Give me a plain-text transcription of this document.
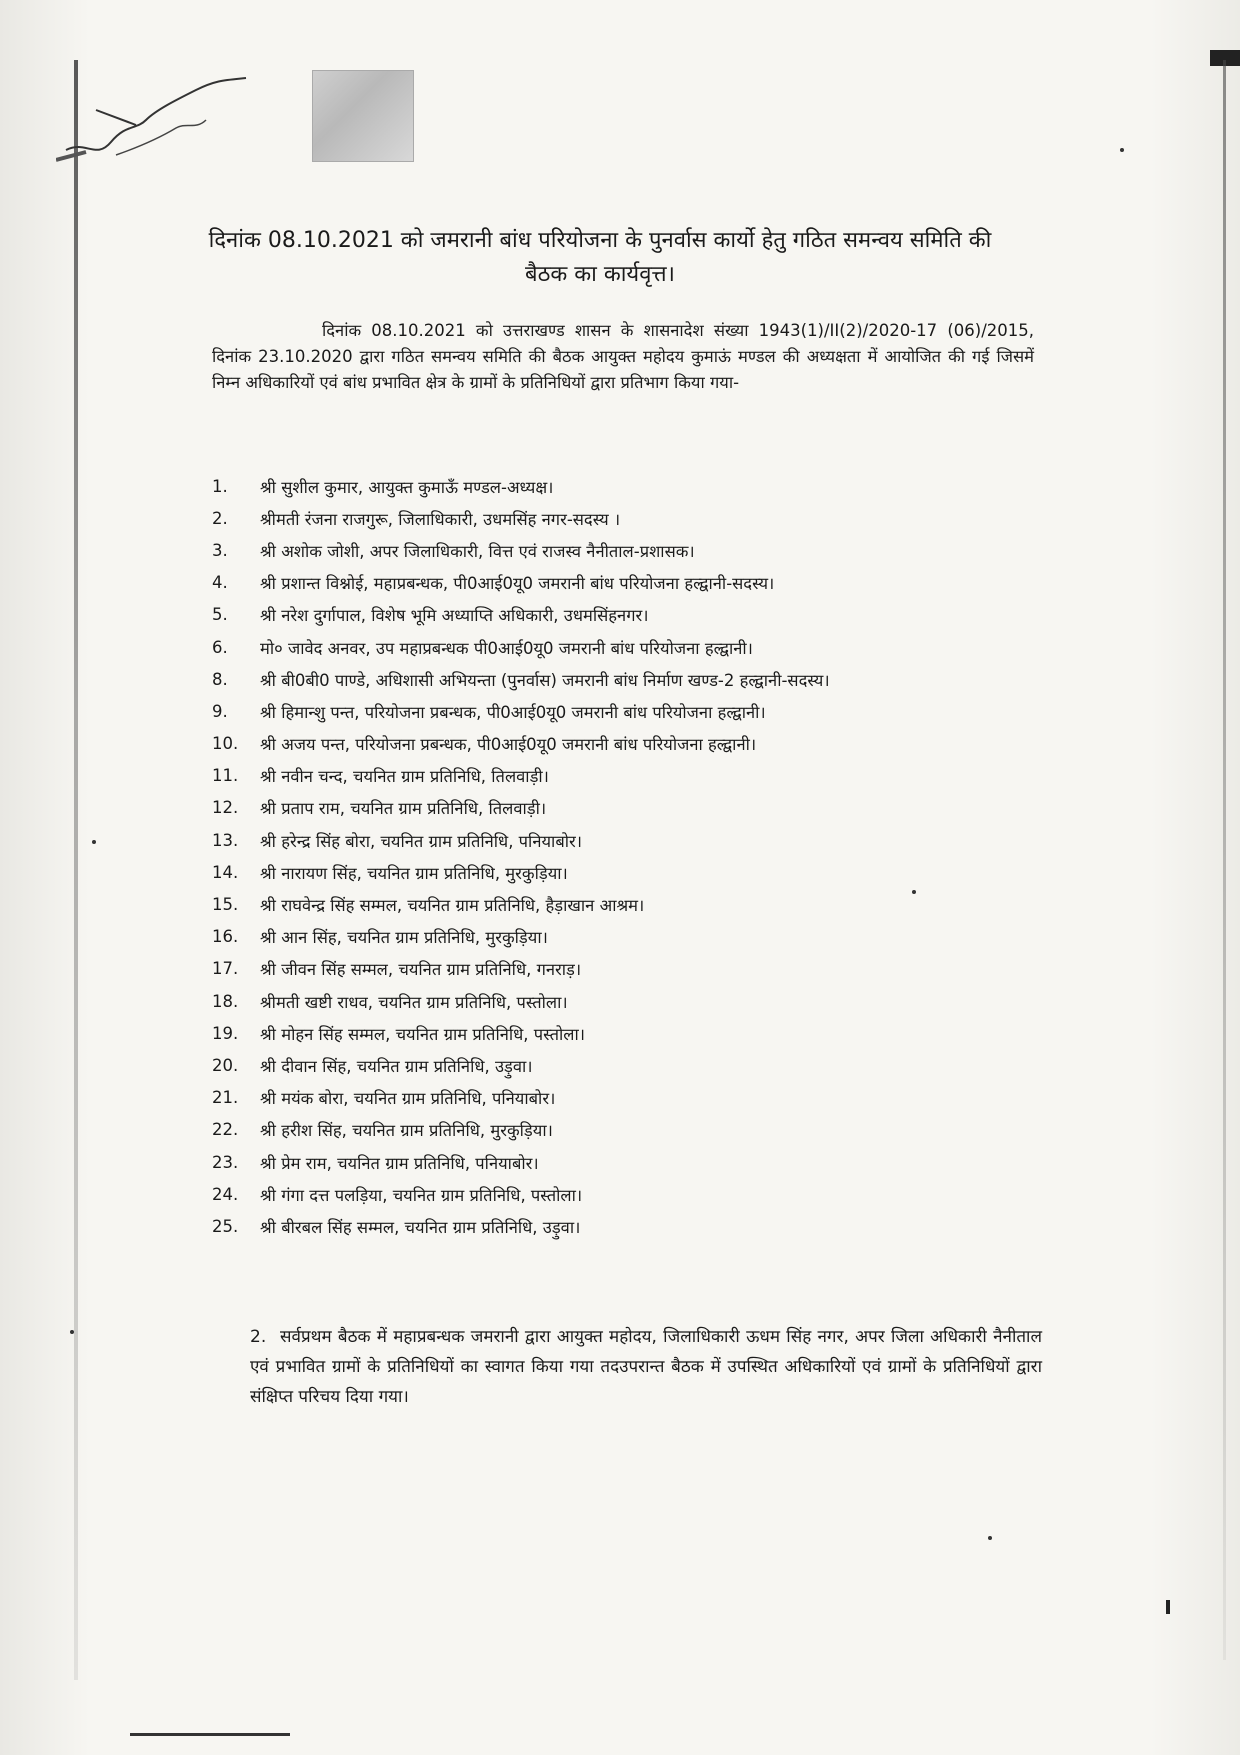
दिनांक 08.10.2021 को जमरानी बांध परियोजना के पुनर्वास कार्यो हेतु गठित समन्वय समिति की बैठक का कार्यवृत्त।
दिनांक 08.10.2021 को उत्तराखण्ड शासन के शासनादेश संख्या 1943(1)/II(2)/2020-17 (06)/2015, दिनांक 23.10.2020 द्वारा गठित समन्वय समिति की बैठक आयुक्त महोदय कुमाऊं मण्डल की अध्यक्षता में आयोजित की गई जिसमें निम्न अधिकारियों एवं बांध प्रभावित क्षेत्र के ग्रामों के प्रतिनिधियों द्वारा प्रतिभाग किया गया-
1.	श्री सुशील कुमार, आयुक्त कुमाऊँ मण्डल-अध्यक्ष।
2.	श्रीमती रंजना राजगुरू, जिलाधिकारी, उधमसिंह नगर-सदस्य ।
3.	श्री अशोक जोशी, अपर जिलाधिकारी, वित्त एवं राजस्व नैनीताल-प्रशासक।
4.	श्री प्रशान्त विश्नोई, महाप्रबन्धक, पी0आई0यू0 जमरानी बांध परियोजना हल्द्वानी-सदस्य।
5.	श्री नरेश दुर्गापाल, विशेष भूमि अध्याप्ति अधिकारी, उधमसिंहनगर।
6.	मो० जावेद अनवर, उप महाप्रबन्धक पी0आई0यू0 जमरानी बांध परियोजना हल्द्वानी।
8.	श्री बी0बी0 पाण्डे, अधिशासी अभियन्ता (पुनर्वास) जमरानी बांध निर्माण खण्ड-2 हल्द्वानी-सदस्य।
9.	श्री हिमान्शु पन्त, परियोजना प्रबन्धक, पी0आई0यू0 जमरानी बांध परियोजना हल्द्वानी।
10.	श्री अजय पन्त, परियोजना प्रबन्धक, पी0आई0यू0 जमरानी बांध परियोजना हल्द्वानी।
11.	श्री नवीन चन्द, चयनित ग्राम प्रतिनिधि, तिलवाड़ी।
12.	श्री प्रताप राम, चयनित ग्राम प्रतिनिधि, तिलवाड़ी।
13.	श्री हरेन्द्र सिंह बोरा, चयनित ग्राम प्रतिनिधि, पनियाबोर।
14.	श्री नारायण सिंह, चयनित ग्राम प्रतिनिधि, मुरकुड़िया।
15.	श्री राघवेन्द्र सिंह सम्मल, चयनित ग्राम प्रतिनिधि, हैड़ाखान आश्रम।
16.	श्री आन सिंह, चयनित ग्राम प्रतिनिधि, मुरकुड़िया।
17.	श्री जीवन सिंह सम्मल, चयनित ग्राम प्रतिनिधि, गनराड़।
18.	श्रीमती खष्टी राधव, चयनित ग्राम प्रतिनिधि, पस्तोला।
19.	श्री मोहन सिंह सम्मल, चयनित ग्राम प्रतिनिधि, पस्तोला।
20.	श्री दीवान सिंह, चयनित ग्राम प्रतिनिधि, उड़ुवा।
21.	श्री मयंक बोरा, चयनित ग्राम प्रतिनिधि, पनियाबोर।
22.	श्री हरीश सिंह, चयनित ग्राम प्रतिनिधि, मुरकुड़िया।
23.	श्री प्रेम राम, चयनित ग्राम प्रतिनिधि, पनियाबोर।
24.	श्री गंगा दत्त पलड़िया, चयनित ग्राम प्रतिनिधि, पस्तोला।
25.	श्री बीरबल सिंह सम्मल, चयनित ग्राम प्रतिनिधि, उड़ुवा।
2. सर्वप्रथम बैठक में महाप्रबन्धक जमरानी द्वारा आयुक्त महोदय, जिलाधिकारी ऊधम सिंह नगर, अपर जिला अधिकारी नैनीताल एवं प्रभावित ग्रामों के प्रतिनिधियों का स्वागत किया गया तदउपरान्त बैठक में उपस्थित अधिकारियों एवं ग्रामों के प्रतिनिधियों द्वारा संक्षिप्त परिचय दिया गया।
